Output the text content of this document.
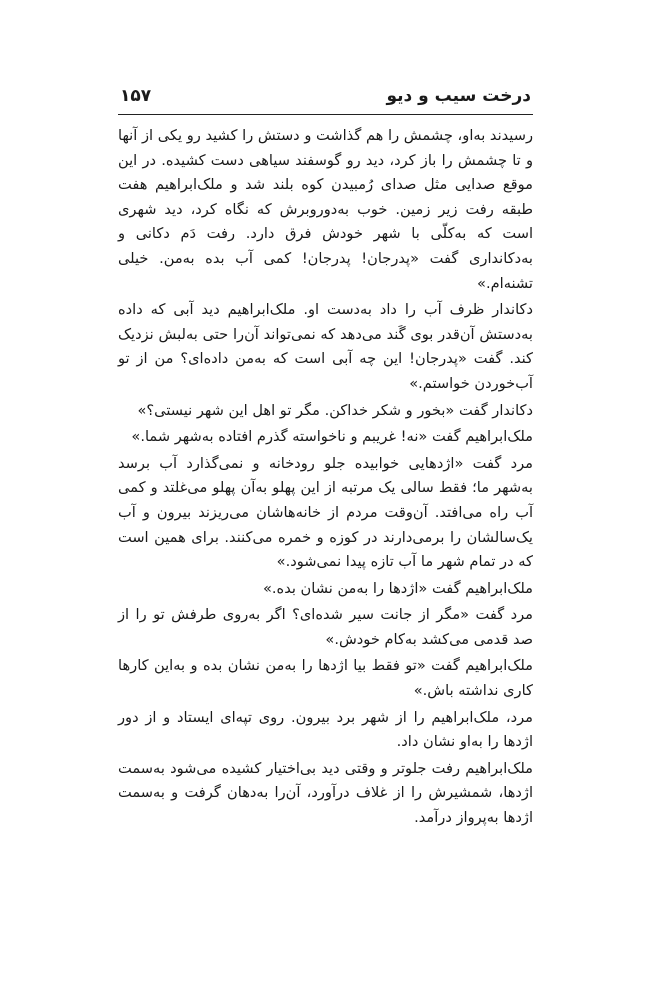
درخت سیب و دیو
۱۵۷

رسیدند به‌او، چشمش را هم گذاشت و دستش را کشید رو یکی از آنها و تا چشمش را باز کرد، دید رو گوسفند سیاهی دست کشیده. در این موقع صدایی مثل صدای رُمبیدن کوه بلند شد و ملک‌ابراهیم هفت طبقه رفت زیر زمین. خوب به‌دوروبرش که نگاه کرد، دید شهری است که به‌کلّی با شهر خودش فرق دارد. رفت دَم دکانی و به‌دکانداری گفت «پدرجان! پدرجان! کمی آب بده به‌من. خیلی تشنه‌ام.»

دکاندار ظرف آب را داد به‌دست او. ملک‌ابراهیم دید آبی که داده به‌دستش آن‌قدر بوی گَند می‌دهد که نمی‌تواند آن‌را حتی به‌لبش نزدیک کند. گفت «پدرجان! این چه آبی است که به‌من داده‌ای؟ من از تو آب‌خوردن خواستم.»

دکاندار گفت «بخور و شکر خداکن. مگر تو اهل این شهر نیستی؟»

ملک‌ابراهیم گفت «نه! غریبم و ناخواسته گذرم افتاده به‌شهر شما.»

مرد گفت «اژدهایی خوابیده جلو رودخانه و نمی‌گذارد آب برسد به‌شهر ما؛ فقط سالی یک مرتبه از این پهلو به‌آن پهلو می‌غلتد و کمی آب راه می‌افتد. آن‌وقت مردم از خانه‌هاشان می‌ریزند بیرون و آب یک‌سالشان را برمی‌دارند در کوزه و خمره می‌کنند. برای همین است که در تمام شهر ما آب تازه پیدا نمی‌شود.»

ملک‌ابراهیم گفت «اژدها را به‌من نشان بده.»

مرد گفت «مگر از جانت سیر شده‌ای؟ اگر به‌روی طرفش تو را از صد قدمی می‌کشد به‌کام خودش.»

ملک‌ابراهیم گفت «تو فقط بیا اژدها را به‌من نشان بده و به‌این کارها کاری نداشته باش.»

مرد، ملک‌ابراهیم را از شهر برد بیرون. روی تپه‌ای ایستاد و از دور اژدها را به‌او نشان داد.

ملک‌ابراهیم رفت جلوتر و وقتی دید بی‌اختیار کشیده می‌شود به‌سمت اژدها، شمشیرش را از غلاف درآورد، آن‌را به‌دهان گرفت و به‌سمت اژدها به‌پرواز درآمد.
